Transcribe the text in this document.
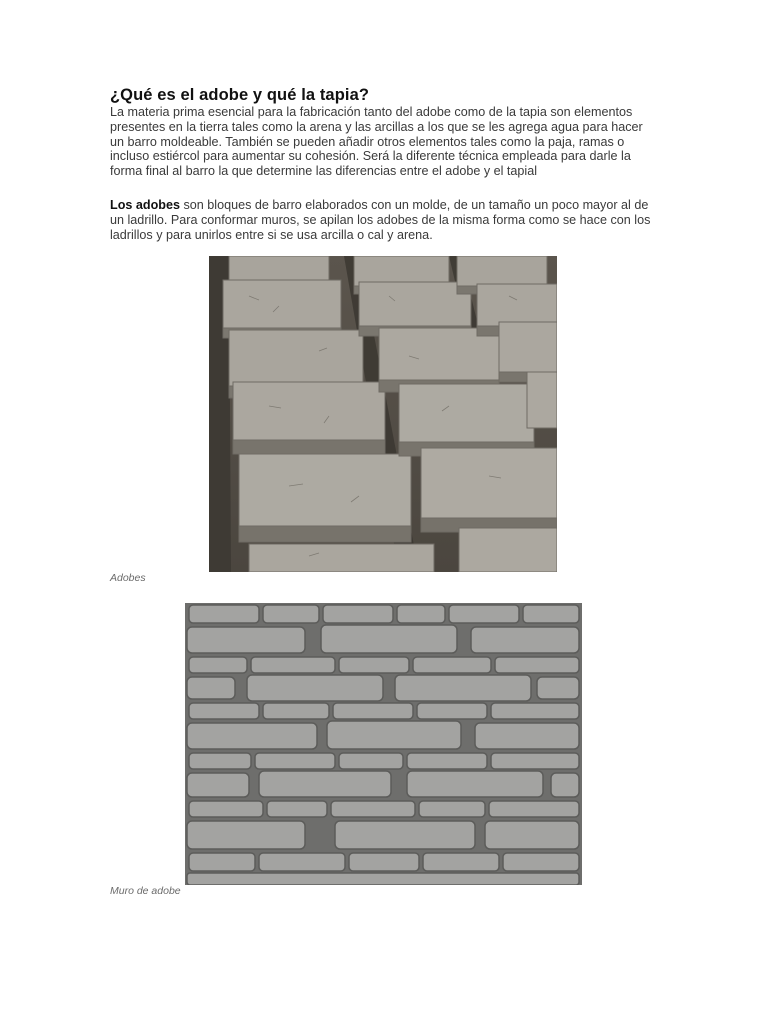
¿Qué es el adobe y qué la tapia?

La materia prima esencial para la fabricación tanto del adobe como de la tapia son elementos presentes en la tierra tales como la arena y las arcillas a los que se les agrega agua para hacer un barro moldeable. También se pueden añadir otros elementos tales como la paja, ramas o incluso estiércol para aumentar su cohesión. Será la diferente técnica empleada para darle la forma final al barro la que determine las diferencias entre el adobe y el tapial

Los adobes son bloques de barro elaborados con un molde, de un tamaño un poco mayor al de un ladrillo. Para conformar muros, se apilan los adobes de la misma forma como se hace con los ladrillos y para unirlos entre si se usa arcilla o cal y arena.

Adobes
Muro de adobe
